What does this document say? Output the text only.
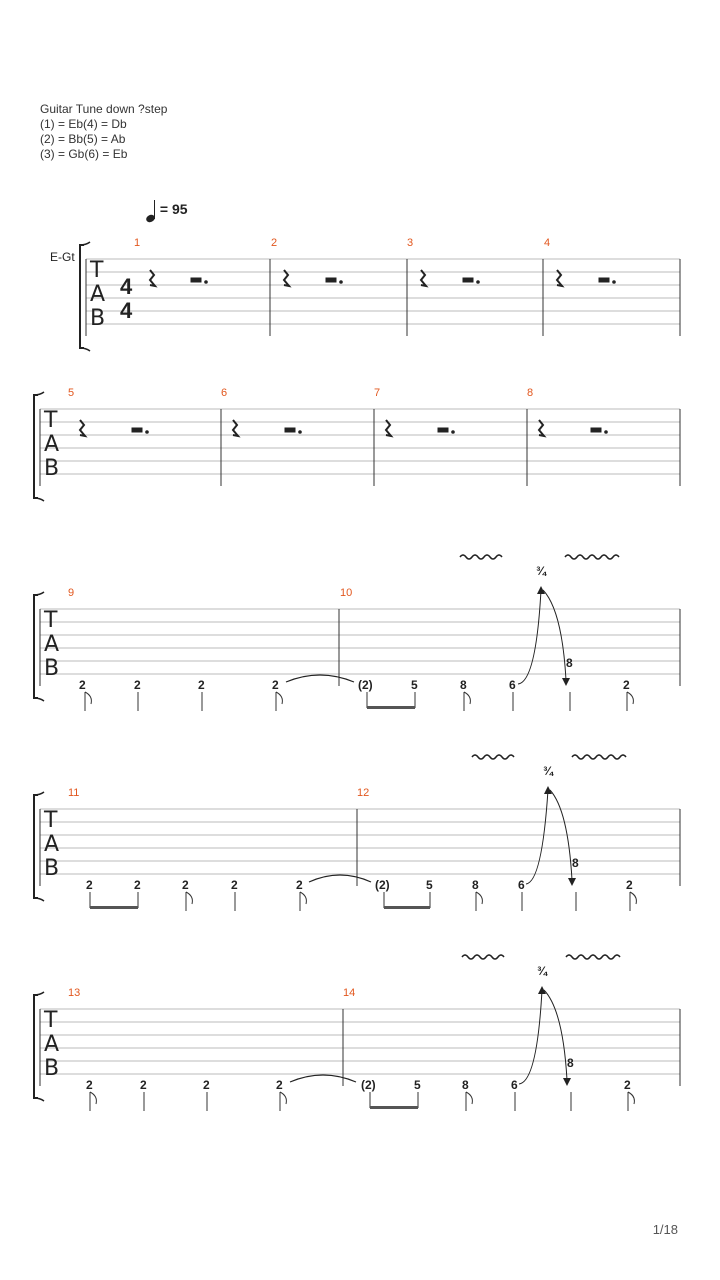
Guitar Tune down ?step
(1) = Eb(4) = Db
(2) = Bb(5) = Ab
(3) = Gb(6) = Eb
= 95
E-Gt
T
A
B
4
4
1	2	3	4
T
A
B
5	6	7	8
¾
T
A
B
2	2	2	2	(2)	5	8	6
8
2
9	10
¾
T
A
B
2	2	2	2	2	(2)	5	8	6
8
2
11	12
¾
T
A
B
2	2	2	2	(2)	5	8	6
8
2
13	14
1/18
